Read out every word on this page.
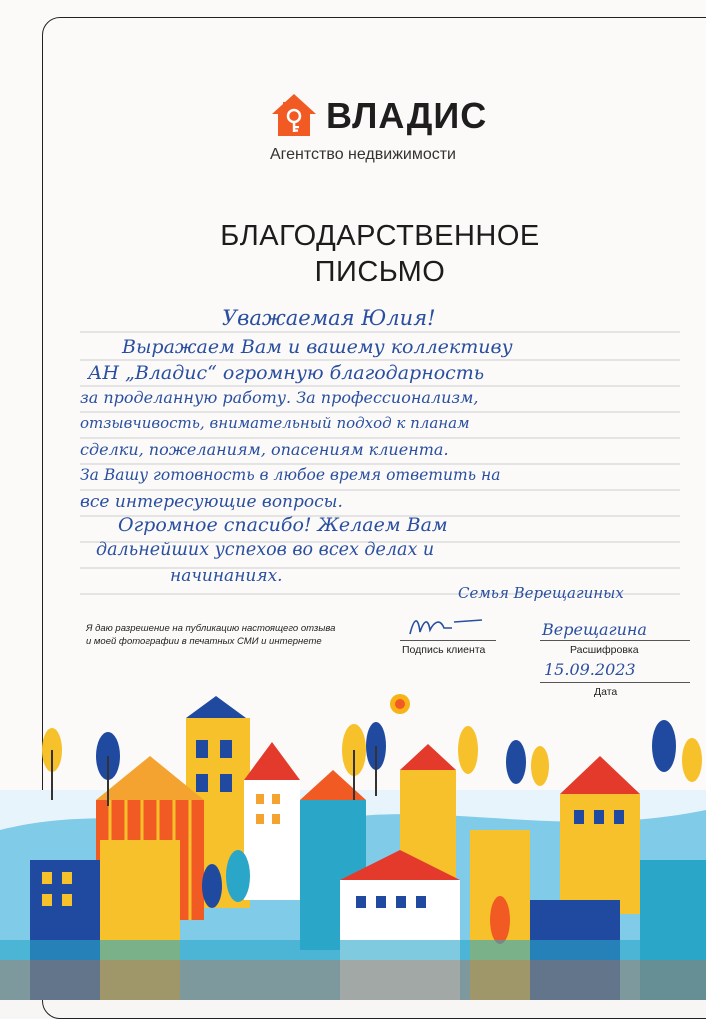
ВЛАДИС
Агентство недвижимости
БЛАГОДАРСТВЕННОЕ
ПИСЬМО
Уважаемая Юлия!
Выражаем Вам и вашему коллективу
АН „Владис“ огромную благодарность
за проделанную работу. За профессионализм,
отзывчивость, внимательный подход к планам
сделки, пожеланиям, опасениям клиента.
За Вашу готовность в любое время ответить на
все интересующие вопросы.
Огромное спасибо! Желаем Вам
дальнейших успехов во всех делах и
начинаниях.
Семья Верещагиных
Я даю разрешение на публикацию настоящего отзыва
и моей фотографии в печатных СМИ и интернете
Подпись клиента
Верещагина
Расшифровка
15.09.2023
Дата
